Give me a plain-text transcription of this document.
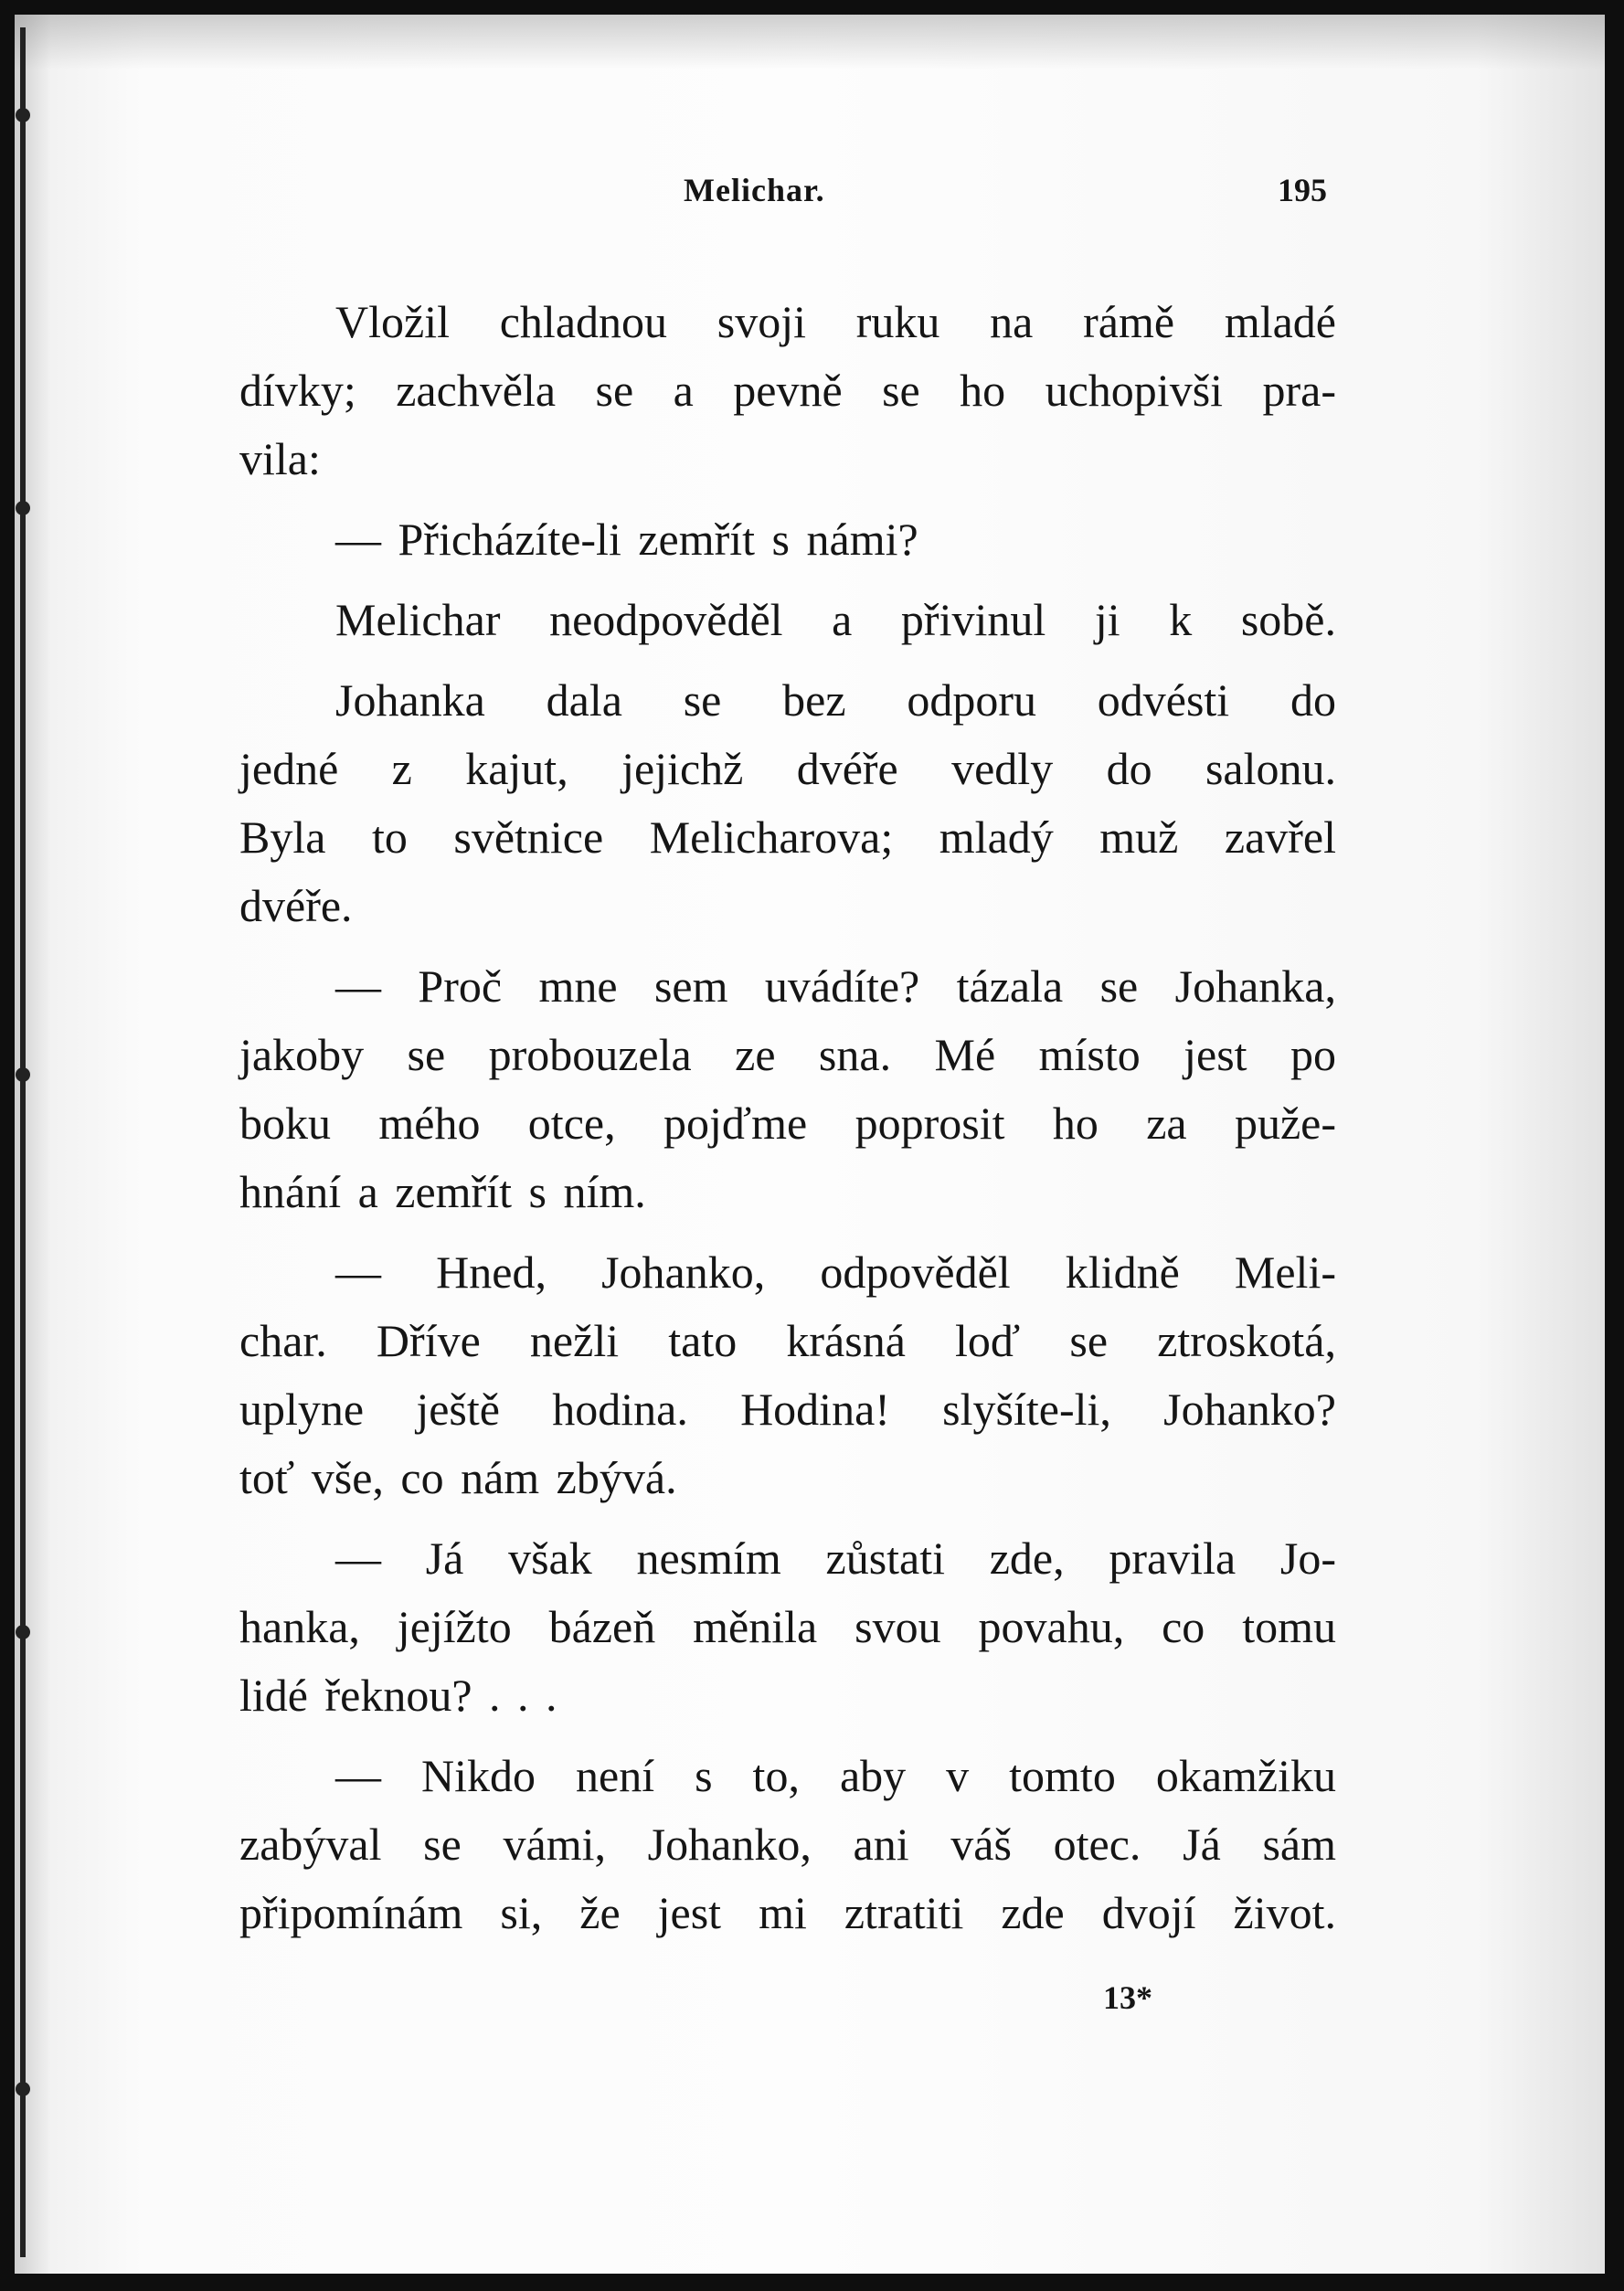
Melichar.	195
Vložil chladnou svoji ruku na rámě mladé
dívky; zachvěla se a pevně se ho uchopivši pra-
vila:
— Přicházíte-li zemřít s námi?
Melichar neodpověděl a přivinul ji k sobě.
Johanka dala se bez odporu odvésti do
jedné z kajut, jejichž dvéře vedly do salonu.
Byla to světnice Melicharova; mladý muž zavřel
dvéře.
— Proč mne sem uvádíte? tázala se Johanka,
jakoby se probouzela ze sna. Mé místo jest po
boku mého otce, pojďme poprosit ho za puže-
hnání a zemřít s ním.
— Hned, Johanko, odpověděl klidně Meli-
char. Dříve nežli tato krásná loď se ztroskotá,
uplyne ještě hodina. Hodina! slyšíte-li, Johanko?
toť vše, co nám zbývá.
— Já však nesmím zůstati zde, pravila Jo-
hanka, jejížto bázeň měnila svou povahu, co tomu
lidé řeknou? . . .
— Nikdo není s to, aby v tomto okamžiku
zabýval se vámi, Johanko, ani váš otec. Já sám
připomínám si, že jest mi ztratiti zde dvojí život.
13*
